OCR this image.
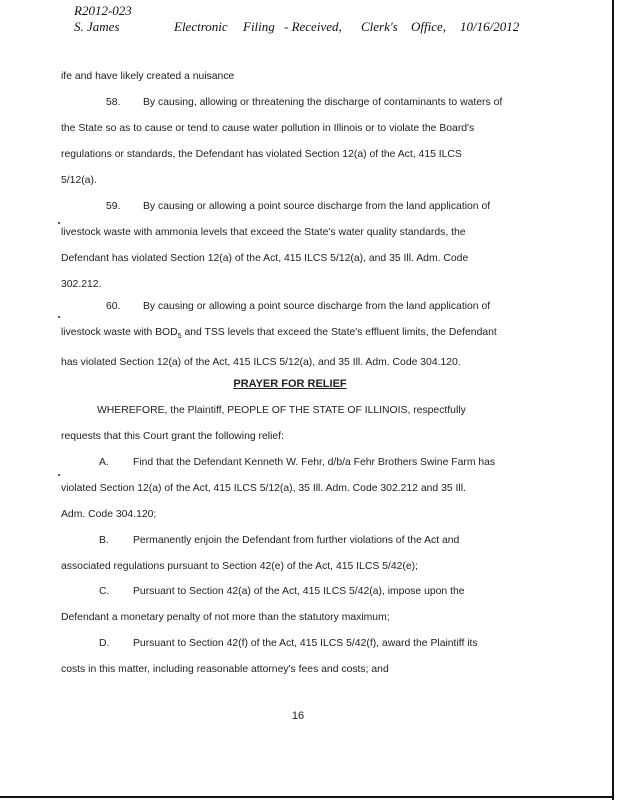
R2012-023
S. James	Electronic Filing - Received, Clerk's Office, 10/16/2012

ife and have likely created a nuisance

58. By causing, allowing or threatening the discharge of contaminants to waters of
the State so as to cause or tend to cause water pollution in Illinois or to violate the Board's
regulations or standards, the Defendant has violated Section 12(a) of the Act, 415 ILCS
5/12(a).
59. By causing or allowing a point source discharge from the land application of
livestock waste with ammonia levels that exceed the State's water quality standards, the
Defendant has violated Section 12(a) of the Act, 415 ILCS 5/12(a), and 35 Ill. Adm. Code
302.212.
60. By causing or allowing a point source discharge from the land application of
livestock waste with $BOD_5$ and TSS levels that exceed the State's effluent limits, the Defendant
has violated Section 12(a) of the Act, 415 ILCS 5/12(a), and 35 Ill. Adm. Code 304.120.
PRAYER FOR RELIEF
WHEREFORE, the Plaintiff, PEOPLE OF THE STATE OF ILLINOIS, respectfully
requests that this Court grant the following relief:
A. Find that the Defendant Kenneth W. Fehr, d/b/a Fehr Brothers Swine Farm has
violated Section 12(a) of the Act, 415 ILCS 5/12(a), 35 Ill. Adm. Code 302.212 and 35 Ill.
Adm. Code 304.120;
B. Permanently enjoin the Defendant from further violations of the Act and
associated regulations pursuant to Section 42(e) of the Act, 415 ILCS 5/42(e);
C. Pursuant to Section 42(a) of the Act, 415 ILCS 5/42(a), impose upon the
Defendant a monetary penalty of not more than the statutory maximum;
D. Pursuant to Section 42(f) of the Act, 415 ILCS 5/42(f), award the Plaintiff its
costs in this matter, including reasonable attorney's fees and costs; and
16
